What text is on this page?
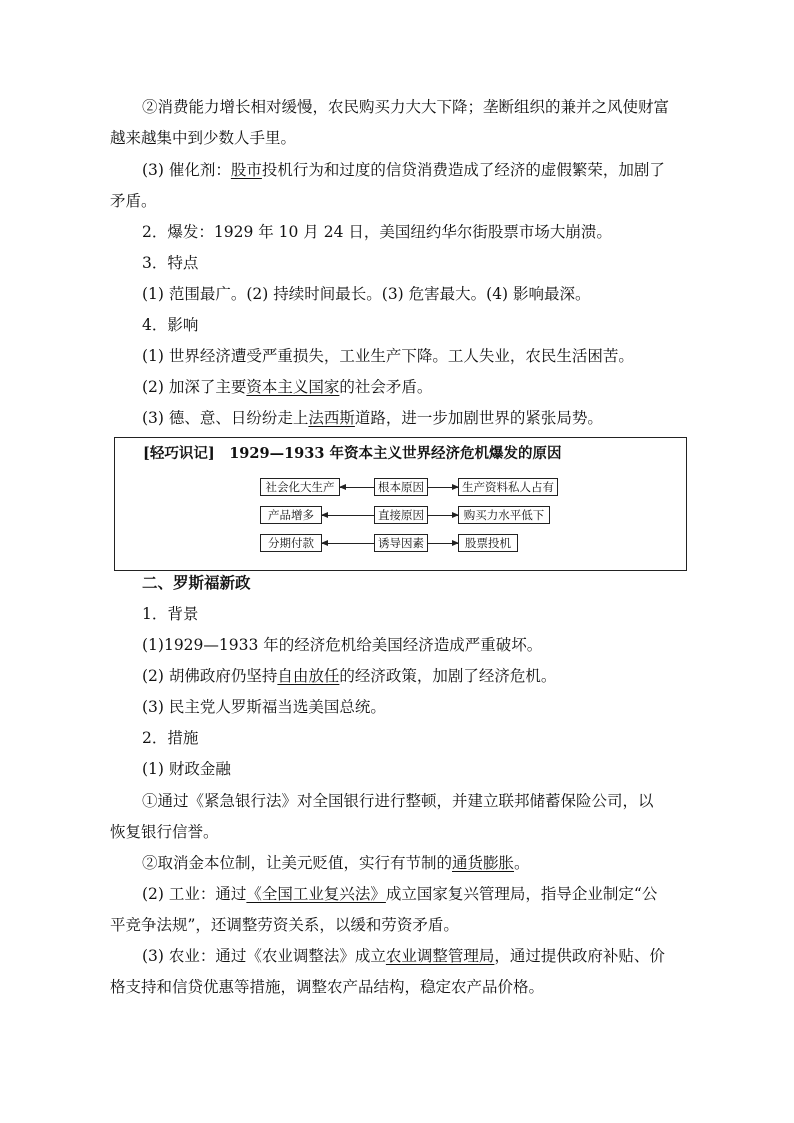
②消费能力增长相对缓慢，农民购买力大大下降；垄断组织的兼并之风使财富
越来越集中到少数人手里。
(3) 催化剂：股市投机行为和过度的信贷消费造成了经济的虚假繁荣，加剧了
矛盾。
2．爆发：1929 年 10 月 24 日，美国纽约华尔街股票市场大崩溃。
3．特点
(1) 范围最广。(2) 持续时间最长。(3) 危害最大。(4) 影响最深。
4．影响
(1) 世界经济遭受严重损失，工业生产下降。工人失业，农民生活困苦。
(2) 加深了主要资本主义国家的社会矛盾。
(3) 德、意、日纷纷走上法西斯道路，进一步加剧世界的紧张局势。
[轻巧识记]　1929—1933 年资本主义世界经济危机爆发的原因
社会化大生产	根本原因	生产资料私人占有
产品增多	直接原因	购买力水平低下
分期付款	诱导因素	股票投机
二、罗斯福新政
1．背景
(1)1929—1933 年的经济危机给美国经济造成严重破坏。
(2) 胡佛政府仍坚持自由放任的经济政策，加剧了经济危机。
(3) 民主党人罗斯福当选美国总统。
2．措施
(1) 财政金融
①通过《紧急银行法》对全国银行进行整顿，并建立联邦储蓄保险公司，以
恢复银行信誉。
②取消金本位制，让美元贬值，实行有节制的通货膨胀。
(2) 工业：通过《全国工业复兴法》成立国家复兴管理局，指导企业制定“公
平竞争法规”，还调整劳资关系，以缓和劳资矛盾。
(3) 农业：通过《农业调整法》成立农业调整管理局，通过提供政府补贴、价
格支持和信贷优惠等措施，调整农产品结构，稳定农产品价格。
